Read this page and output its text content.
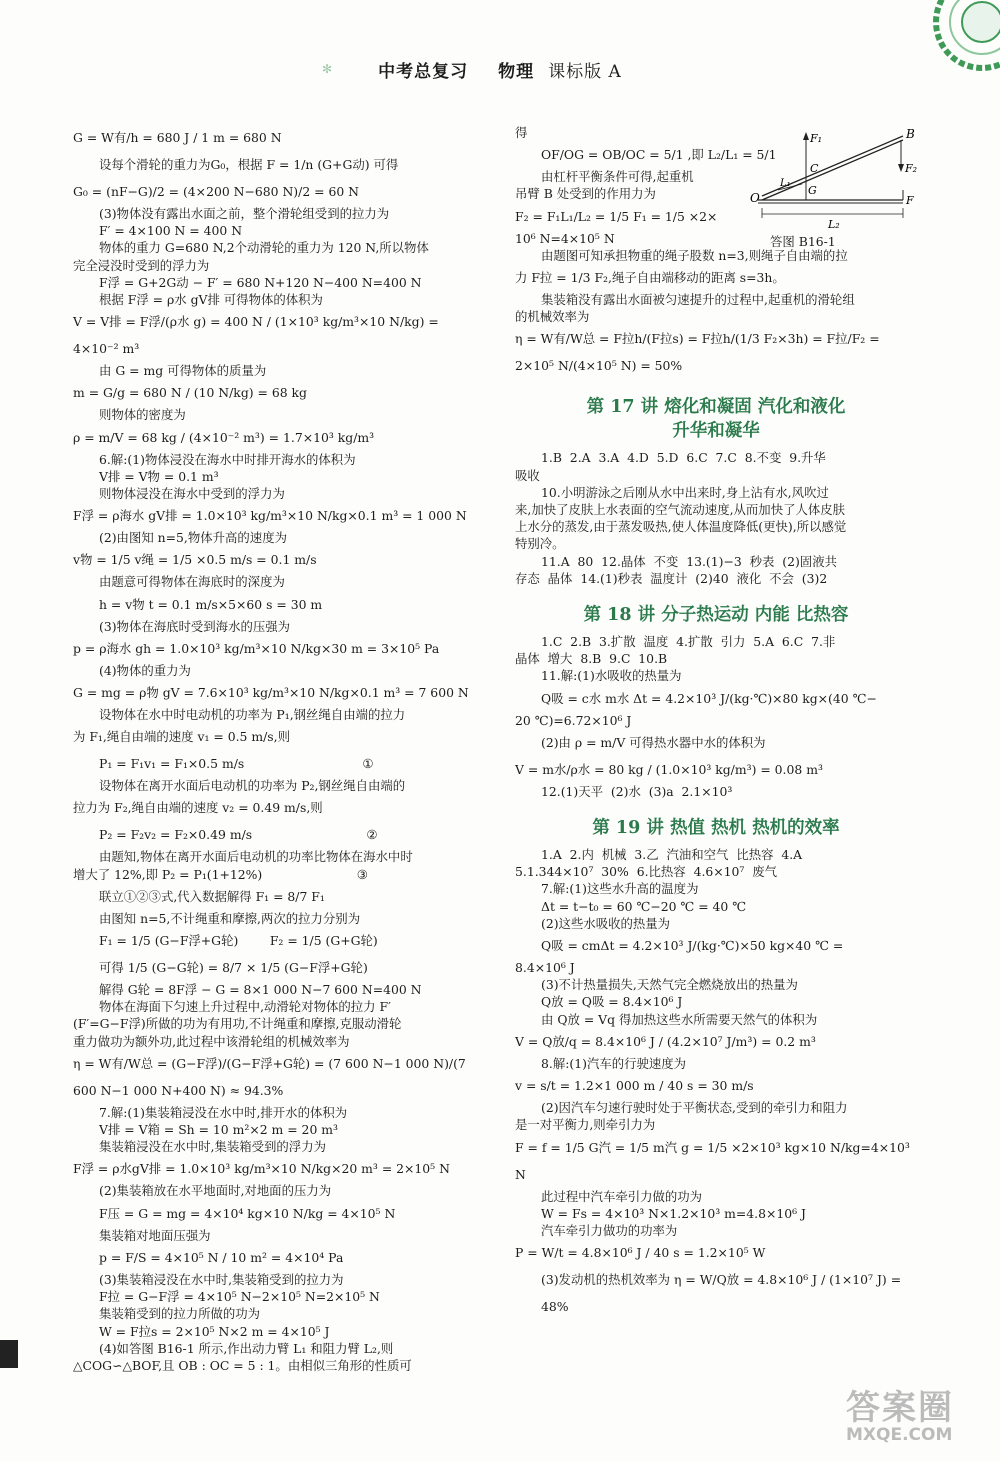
✻	中考总复习 物理 课标版 A
G = W有/h = 680 J / 1 m = 680 N
设每个滑轮的重力为G₀，根据 F = 1/n (G+G动) 可得
G₀ = (nF−G)/2 = (4×200 N−680 N)/2 = 60 N
(3)物体没有露出水面之前，整个滑轮组受到的拉力为
F′ = 4×100 N = 400 N
物体的重力 G=680 N,2个动滑轮的重力为 120 N,所以物体
完全浸没时受到的浮力为
F浮 = G+2G动 − F′ = 680 N+120 N−400 N=400 N
根据 F浮 = ρ水 gV排 可得物体的体积为
V = V排 = F浮/(ρ水 g) = 400 N / (1×10³ kg/m³×10 N/kg) = 4×10⁻² m³
由 G = mg 可得物体的质量为
m = G/g = 680 N / (10 N/kg) = 68 kg
则物体的密度为
ρ = m/V = 68 kg / (4×10⁻² m³) = 1.7×10³ kg/m³
6.解:(1)物体浸没在海水中时排开海水的体积为
V排 = V物 = 0.1 m³
则物体浸没在海水中受到的浮力为
F浮 = ρ海水 gV排 = 1.0×10³ kg/m³×10 N/kg×0.1 m³ = 1 000 N
(2)由图知 n=5,物体升高的速度为
v物 = 1/5 v绳 = 1/5 ×0.5 m/s = 0.1 m/s
由题意可得物体在海底时的深度为
h = v物 t = 0.1 m/s×5×60 s = 30 m
(3)物体在海底时受到海水的压强为
p = ρ海水 gh = 1.0×10³ kg/m³×10 N/kg×30 m = 3×10⁵ Pa
(4)物体的重力为
G = mg = ρ物 gV = 7.6×10³ kg/m³×10 N/kg×0.1 m³ = 7 600 N
设物体在水中时电动机的功率为 P₁,钢丝绳自由端的拉力
为 F₁,绳自由端的速度 v₁ = 0.5 m/s,则
P₁ = F₁v₁ = F₁×0.5 m/s                              ①
设物体在离开水面后电动机的功率为 P₂,钢丝绳自由端的
拉力为 F₂,绳自由端的速度 v₂ = 0.49 m/s,则
P₂ = F₂v₂ = F₂×0.49 m/s                             ②
由题知,物体在离开水面后电动机的功率比物体在海水中时
增大了 12%,即 P₂ = P₁(1+12%)                        ③
联立①②③式,代入数据解得 F₁ = 8/7 F₁
由图知 n=5,不计绳重和摩擦,两次的拉力分别为
F₁ = 1/5 (G−F浮+G轮)        F₂ = 1/5 (G+G轮)
可得 1/5 (G−G轮) = 8/7 × 1/5 (G−F浮+G轮)
解得 G轮 = 8F浮 − G = 8×1 000 N−7 600 N=400 N
物体在海面下匀速上升过程中,动滑轮对物体的拉力 F′
(F′=G−F浮)所做的功为有用功,不计绳重和摩擦,克服动滑轮
重力做功为额外功,此过程中该滑轮组的机械效率为
η = W有/W总 = (G−F浮)/(G−F浮+G轮) = (7 600 N−1 000 N)/(7 600 N−1 000 N+400 N) ≈ 94.3%
7.解:(1)集装箱浸没在水中时,排开水的体积为
V排 = V箱 = Sh = 10 m²×2 m = 20 m³
集装箱浸没在水中时,集装箱受到的浮力为
F浮 = ρ水gV排 = 1.0×10³ kg/m³×10 N/kg×20 m³ = 2×10⁵ N
(2)集装箱放在水平地面时,对地面的压力为
F压 = G = mg = 4×10⁴ kg×10 N/kg = 4×10⁵ N
集装箱对地面压强为
p = F/S = 4×10⁵ N / 10 m² = 4×10⁴ Pa
(3)集装箱浸没在水中时,集装箱受到的拉力为
F拉 = G−F浮 = 4×10⁵ N−2×10⁵ N=2×10⁵ N
集装箱受到的拉力所做的功为
W = F拉s = 2×10⁵ N×2 m = 4×10⁵ J
(4)如答图 B16-1 所示,作出动力臂 L₁ 和阻力臂 L₂,则
△COG∽△BOF,且 OB : OC = 5 : 1。由相似三角形的性质可
得
OF/OG = OB/OC = 5/1 ,即 L₂/L₁ = 5/1
由杠杆平衡条件可得,起重机
吊臂 B 处受到的作用力为
F₂ = F₁L₁/L₂ = 1/5 F₁ = 1/5 ×2×
10⁶ N=4×10⁵ N
由题图可知承担物重的绳子股数 n=3,则绳子自由端的拉
力 F拉 = 1/3 F₂,绳子自由端移动的距离 s=3h。
集装箱没有露出水面被匀速提升的过程中,起重机的滑轮组
的机械效率为
η = W有/W总 = F拉h/(F拉s) = F拉h/(1/3 F₂×3h) = F拉/F₂ = 2×10⁵ N/(4×10⁵ N) = 50%
第 17 讲 熔化和凝固 汽化和液化
升华和凝华
1.B  2.A  3.A  4.D  5.D  6.C  7.C  8.不变  9.升华
吸收
10.小明游泳之后刚从水中出来时,身上沾有水,风吹过
来,加快了皮肤上水表面的空气流动速度,从而加快了人体皮肤
上水分的蒸发,由于蒸发吸热,使人体温度降低(更快),所以感觉
特别冷。
11.A  80  12.晶体  不变  13.(1)−3  秒表  (2)固液共
存态  晶体  14.(1)秒表  温度计  (2)40  液化  不会  (3)2
第 18 讲 分子热运动 内能 比热容
1.C  2.B  3.扩散  温度  4.扩散  引力  5.A  6.C  7.非
晶体  增大  8.B  9.C  10.B
11.解:(1)水吸收的热量为
Q吸 = c水 m水 Δt = 4.2×10³ J/(kg·℃)×80 kg×(40 ℃−
20 ℃)=6.72×10⁶ J
(2)由 ρ = m/V 可得热水器中水的体积为
V = m水/ρ水 = 80 kg / (1.0×10³ kg/m³) = 0.08 m³
12.(1)天平  (2)水  (3)a  2.1×10³
第 19 讲 热值 热机 热机的效率
1.A  2.内  机械  3.乙  汽油和空气  比热容  4.A
5.1.344×10⁷  30%  6.比热容  4.6×10⁷  废气
7.解:(1)这些水升高的温度为
Δt = t−t₀ = 60 ℃−20 ℃ = 40 ℃
(2)这些水吸收的热量为
Q吸 = cmΔt = 4.2×10³ J/(kg·℃)×50 kg×40 ℃ =
8.4×10⁶ J
(3)不计热量损失,天然气完全燃烧放出的热量为
Q放 = Q吸 = 8.4×10⁶ J
由 Q放 = Vq 得加热这些水所需要天然气的体积为
V = Q放/q = 8.4×10⁶ J / (4.2×10⁷ J/m³) = 0.2 m³
8.解:(1)汽车的行驶速度为
v = s/t = 1.2×1 000 m / 40 s = 30 m/s
(2)因汽车匀速行驶时处于平衡状态,受到的牵引力和阻力
是一对平衡力,则牵引力为
F = f = 1/5 G汽 = 1/5 m汽 g = 1/5 ×2×10³ kg×10 N/kg=4×10³ N
此过程中汽车牵引力做的功为
W = Fs = 4×10³ N×1.2×10³ m=4.8×10⁶ J
汽车牵引力做功的功率为
P = W/t = 4.8×10⁶ J / 40 s = 1.2×10⁵ W
(3)发动机的热机效率为 η = W/Q放 = 4.8×10⁶ J / (1×10⁷ J) = 48%
O
B
C
G
F
F₁
F₂
L₁
L₂
答图 B16-1
答案圈
MXQE.COM
